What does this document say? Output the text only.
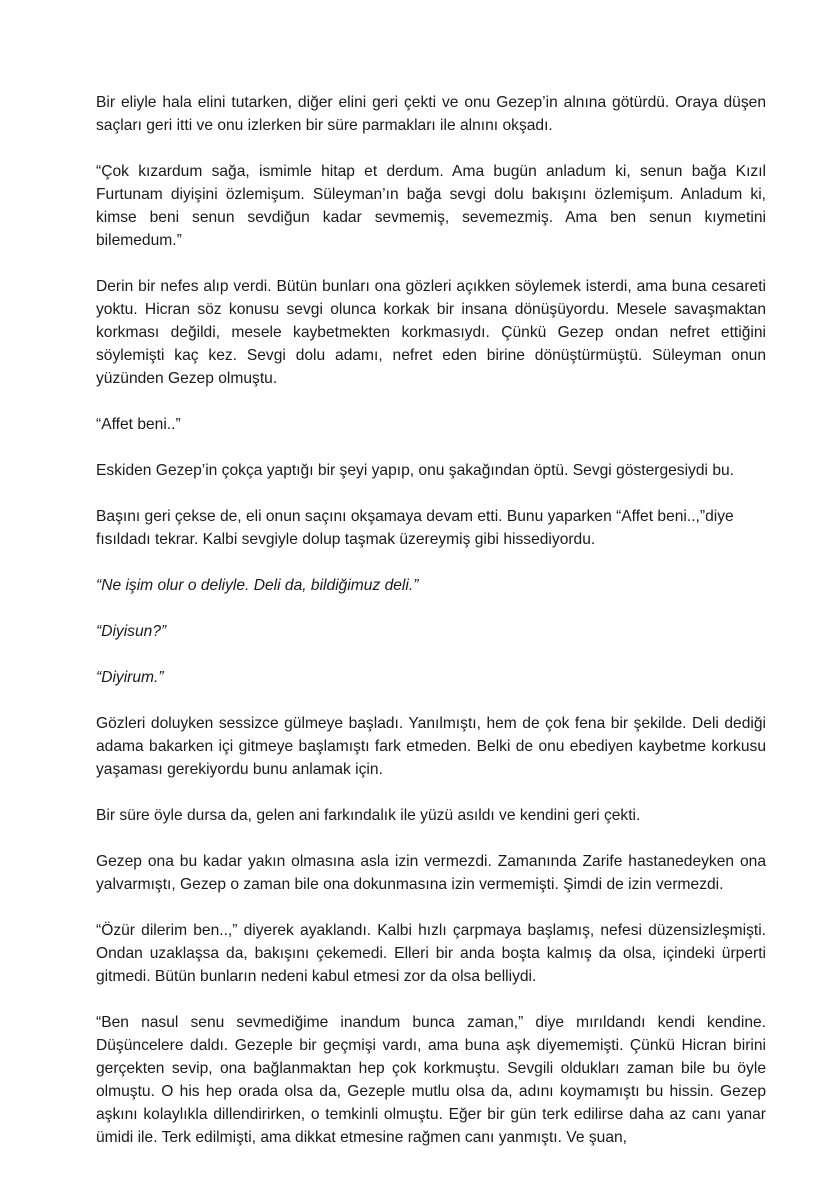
Bir eliyle hala elini tutarken, diğer elini geri çekti ve onu Gezep’in alnına götürdü. Oraya düşen saçları geri itti ve onu izlerken bir süre parmakları ile alnını okşadı.

“Çok kızardum sağa, ismimle hitap et derdum. Ama bugün anladum ki, senun bağa Kızıl Furtunam diyişini özlemişum. Süleyman’ın bağa sevgi dolu bakışını özlemişum. Anladum ki, kimse beni senun sevdiğun kadar sevmemiş, sevemezmiş. Ama ben senun kıymetini bilemedum.”

Derin bir nefes alıp verdi. Bütün bunları ona gözleri açıkken söylemek isterdi, ama buna cesareti yoktu. Hicran söz konusu sevgi olunca korkak bir insana dönüşüyordu. Mesele savaşmaktan korkması değildi, mesele kaybetmekten korkmasıydı. Çünkü Gezep ondan nefret ettiğini söylemişti kaç kez. Sevgi dolu adamı, nefret eden birine dönüştürmüştü. Süleyman onun yüzünden Gezep olmuştu.

“Affet beni..”

Eskiden Gezep’in çokça yaptığı bir şeyi yapıp, onu şakağından öptü. Sevgi göstergesiydi bu.

Başını geri çekse de, eli onun saçını okşamaya devam etti. Bunu yaparken “Affet beni..,”diye fısıldadı tekrar. Kalbi sevgiyle dolup taşmak üzereymiş gibi hissediyordu.

“Ne işim olur o deliyle. Deli da, bildiğimuz deli.”

“Diyisun?”

“Diyirum.”

Gözleri doluyken sessizce gülmeye başladı. Yanılmıştı, hem de çok fena bir şekilde. Deli dediği adama bakarken içi gitmeye başlamıştı fark etmeden. Belki de onu ebediyen kaybetme korkusu yaşaması gerekiyordu bunu anlamak için.

Bir süre öyle dursa da, gelen ani farkındalık ile yüzü asıldı ve kendini geri çekti.

Gezep ona bu kadar yakın olmasına asla izin vermezdi. Zamanında Zarife hastanedeyken ona yalvarmıştı, Gezep o zaman bile ona dokunmasına izin vermemişti. Şimdi de izin vermezdi.

“Özür dilerim ben..,” diyerek ayaklandı. Kalbi hızlı çarpmaya başlamış, nefesi düzensizleşmişti. Ondan uzaklaşsa da, bakışını çekemedi. Elleri bir anda boşta kalmış da olsa, içindeki ürperti gitmedi. Bütün bunların nedeni kabul etmesi zor da olsa belliydi.

“Ben nasul senu sevmediğime inandum bunca zaman,” diye mırıldandı kendi kendine. Düşüncelere daldı. Gezeple bir geçmişi vardı, ama buna aşk diyememişti. Çünkü Hicran birini gerçekten sevip, ona bağlanmaktan hep çok korkmuştu. Sevgili oldukları zaman bile bu öyle olmuştu. O his hep orada olsa da, Gezeple mutlu olsa da, adını koymamıştı bu hissin. Gezep aşkını kolaylıkla dillendirirken, o temkinli olmuştu. Eğer bir gün terk edilirse daha az canı yanar ümidi ile. Terk edilmişti, ama dikkat etmesine rağmen canı yanmıştı. Ve şuan,
